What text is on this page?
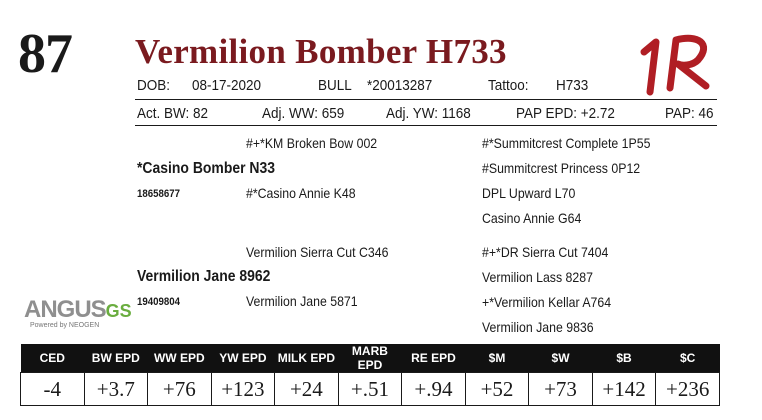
87 Vermilion Bomber H733
DOB: 08-17-2020	BULL *20013287	Tattoo: H733
Act. BW: 82	Adj. WW: 659	Adj. YW: 1168	PAP EPD: +2.72	PAP: 46
#+*KM Broken Bow 002
*Casino Bomber N33
18658677	#*Casino Annie K48
#*Summitcrest Complete 1P55
#Summitcrest Princess 0P12
DPL Upward L70
Casino Annie G64
Vermilion Sierra Cut C346
Vermilion Jane 8962
19409804	Vermilion Jane 5871
#+*DR Sierra Cut 7404
Vermilion Lass 8287
+*Vermilion Kellar A764
Vermilion Jane 9836
ANGUSGS
Powered by NEOGEN
CED	BW EPD	WW EPD	YW EPD	MILK EPD	MARB EPD	RE EPD	$M	$W	$B	$C
-4	+3.7	+76	+123	+24	+.51	+.94	+52	+73	+142	+236
